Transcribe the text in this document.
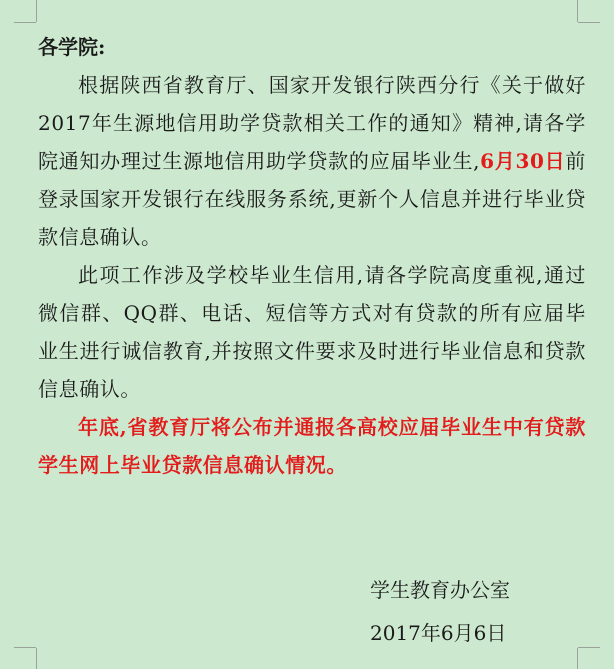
各学院:

根据陕西省教育厅、国家开发银行陕西分行《关于做好2017年生源地信用助学贷款相关工作的通知》精神,请各学院通知办理过生源地信用助学贷款的应届毕业生,6月30日前登录国家开发银行在线服务系统,更新个人信息并进行毕业贷款信息确认。

此项工作涉及学校毕业生信用,请各学院高度重视,通过微信群、QQ群、电话、短信等方式对有贷款的所有应届毕业生进行诚信教育,并按照文件要求及时进行毕业信息和贷款信息确认。

年底,省教育厅将公布并通报各高校应届毕业生中有贷款学生网上毕业贷款信息确认情况。

学生教育办公室
2017年6月6日
